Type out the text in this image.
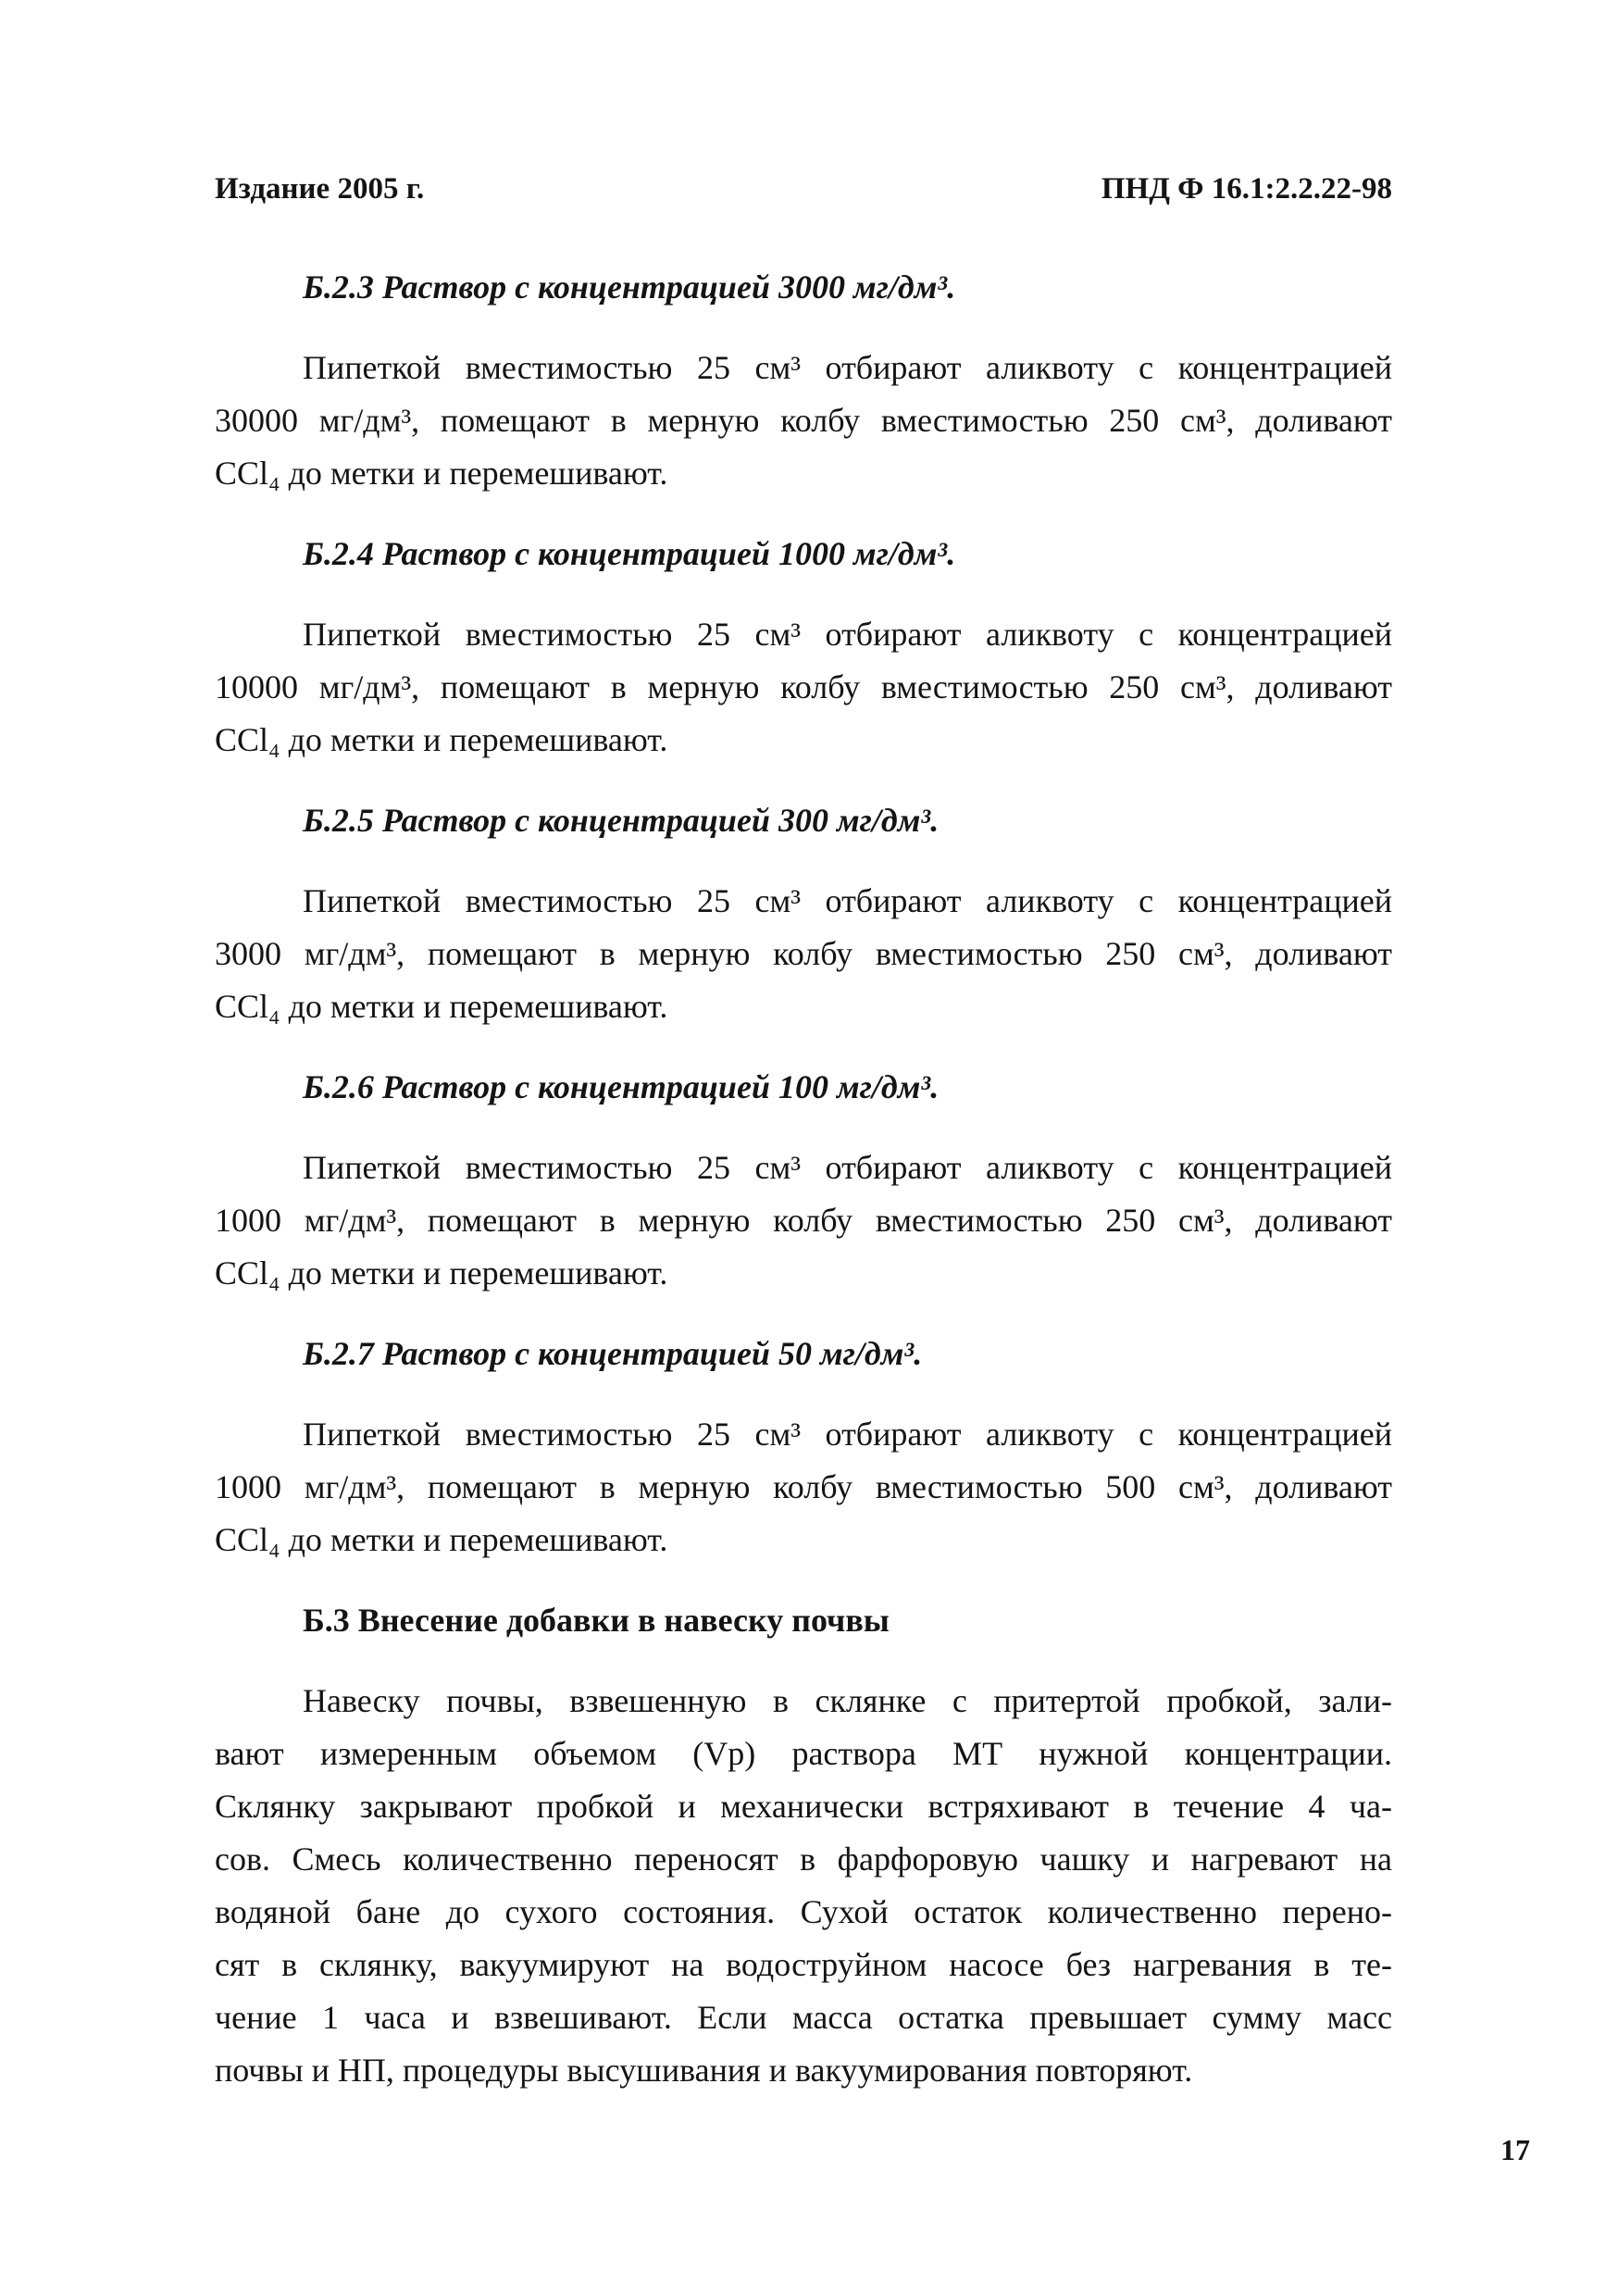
Издание 2005 г.	ПНД Ф 16.1:2.2.22-98
Б.2.3 Раствор с концентрацией 3000 мг/дм³.
Пипеткой вместимостью 25 см³ отбирают аликвоту с концентрацией
30000 мг/дм³, помещают в мерную колбу вместимостью 250 см³, доливают
CCl₄ до метки и перемешивают.
Б.2.4 Раствор с концентрацией 1000 мг/дм³.
Пипеткой вместимостью 25 см³ отбирают аликвоту с концентрацией
10000 мг/дм³, помещают в мерную колбу вместимостью 250 см³, доливают
CCl₄ до метки и перемешивают.
Б.2.5 Раствор с концентрацией 300 мг/дм³.
Пипеткой вместимостью 25 см³ отбирают аликвоту с концентрацией
3000 мг/дм³, помещают в мерную колбу вместимостью 250 см³, доливают
CCl₄ до метки и перемешивают.
Б.2.6 Раствор с концентрацией 100 мг/дм³.
Пипеткой вместимостью 25 см³ отбирают аликвоту с концентрацией
1000 мг/дм³, помещают в мерную колбу вместимостью 250 см³, доливают
CCl₄ до метки и перемешивают.
Б.2.7 Раствор с концентрацией 50 мг/дм³.
Пипеткой вместимостью 25 см³ отбирают аликвоту с концентрацией
1000 мг/дм³, помещают в мерную колбу вместимостью 500 см³, доливают
CCl₄ до метки и перемешивают.
Б.3 Внесение добавки в навеску почвы
Навеску почвы, взвешенную в склянке с притертой пробкой, зали-
вают измеренным объемом (Vр) раствора МТ нужной концентрации.
Склянку закрывают пробкой и механически встряхивают в течение 4 ча-
сов. Смесь количественно переносят в фарфоровую чашку и нагревают на
водяной бане до сухого состояния. Сухой остаток количественно перено-
сят в склянку, вакуумируют на водоструйном насосе без нагревания в те-
чение 1 часа и взвешивают. Если масса остатка превышает сумму масс
почвы и НП, процедуры высушивания и вакуумирования повторяют.
17
